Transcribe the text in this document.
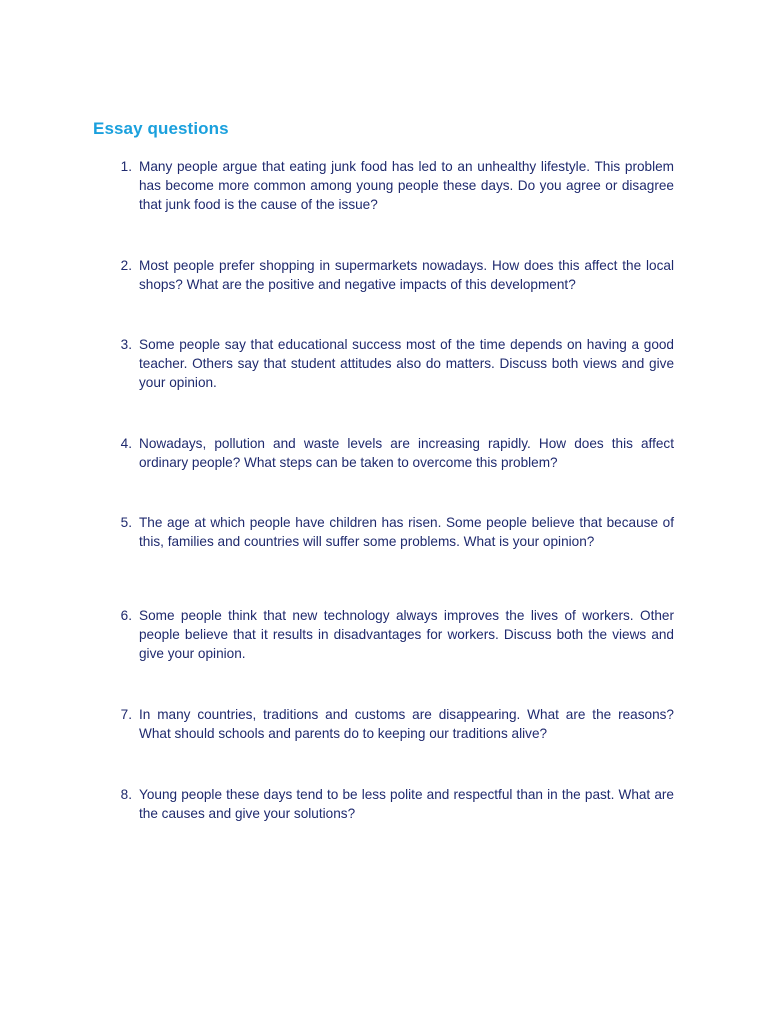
Essay questions
1. Many people argue that eating junk food has led to an unhealthy lifestyle. This problem has become more common among young people these days. Do you agree or disagree that junk food is the cause of the issue?
2. Most people prefer shopping in supermarkets nowadays. How does this affect the local shops? What are the positive and negative impacts of this development?
3. Some people say that educational success most of the time depends on having a good teacher. Others say that student attitudes also do matters. Discuss both views and give your opinion.
4. Nowadays, pollution and waste levels are increasing rapidly. How does this affect ordinary people? What steps can be taken to overcome this problem?
5. The age at which people have children has risen. Some people believe that because of this, families and countries will suffer some problems. What is your opinion?
6. Some people think that new technology always improves the lives of workers. Other people believe that it results in disadvantages for workers. Discuss both the views and give your opinion.
7. In many countries, traditions and customs are disappearing. What are the reasons? What should schools and parents do to keeping our traditions alive?
8. Young people these days tend to be less polite and respectful than in the past. What are the causes and give your solutions?
